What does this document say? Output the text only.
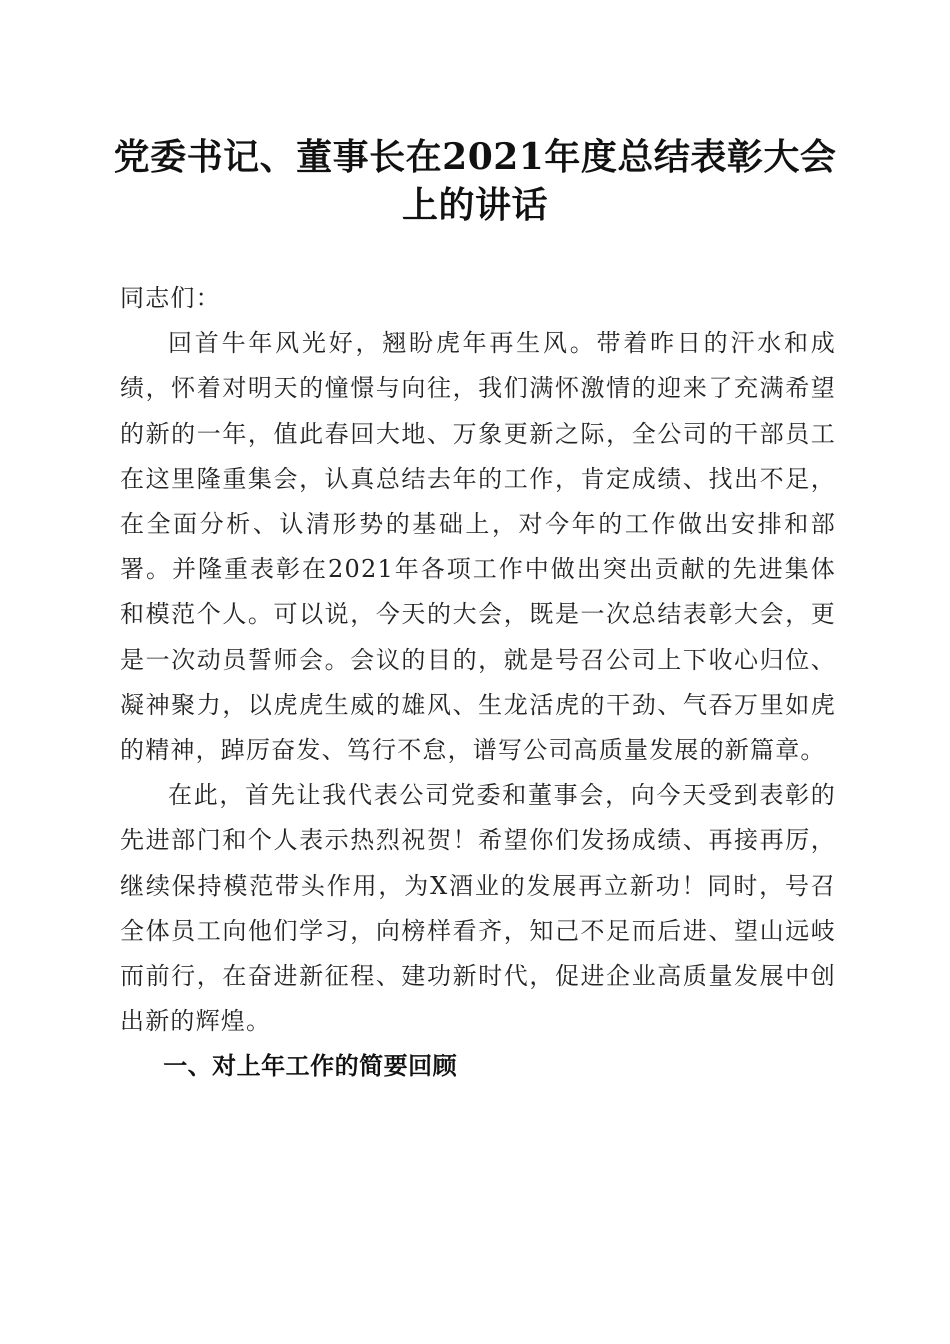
党委书记、董事长在2021年度总结表彰大会
上的讲话

同志们：

回首牛年风光好，翘盼虎年再生风。带着昨日的汗水和成绩，怀着对明天的憧憬与向往，我们满怀激情的迎来了充满希望的新的一年，值此春回大地、万象更新之际，全公司的干部员工在这里隆重集会，认真总结去年的工作，肯定成绩、找出不足，在全面分析、认清形势的基础上，对今年的工作做出安排和部署。并隆重表彰在2021年各项工作中做出突出贡献的先进集体和模范个人。可以说，今天的大会，既是一次总结表彰大会，更是一次动员誓师会。会议的目的，就是号召公司上下收心归位、凝神聚力，以虎虎生威的雄风、生龙活虎的干劲、气吞万里如虎的精神，踔厉奋发、笃行不怠，谱写公司高质量发展的新篇章。

在此，首先让我代表公司党委和董事会，向今天受到表彰的先进部门和个人表示热烈祝贺！希望你们发扬成绩、再接再厉，继续保持模范带头作用，为X酒业的发展再立新功！同时，号召全体员工向他们学习，向榜样看齐，知己不足而后进、望山远岐而前行，在奋进新征程、建功新时代，促进企业高质量发展中创出新的辉煌。

一、对上年工作的简要回顾
